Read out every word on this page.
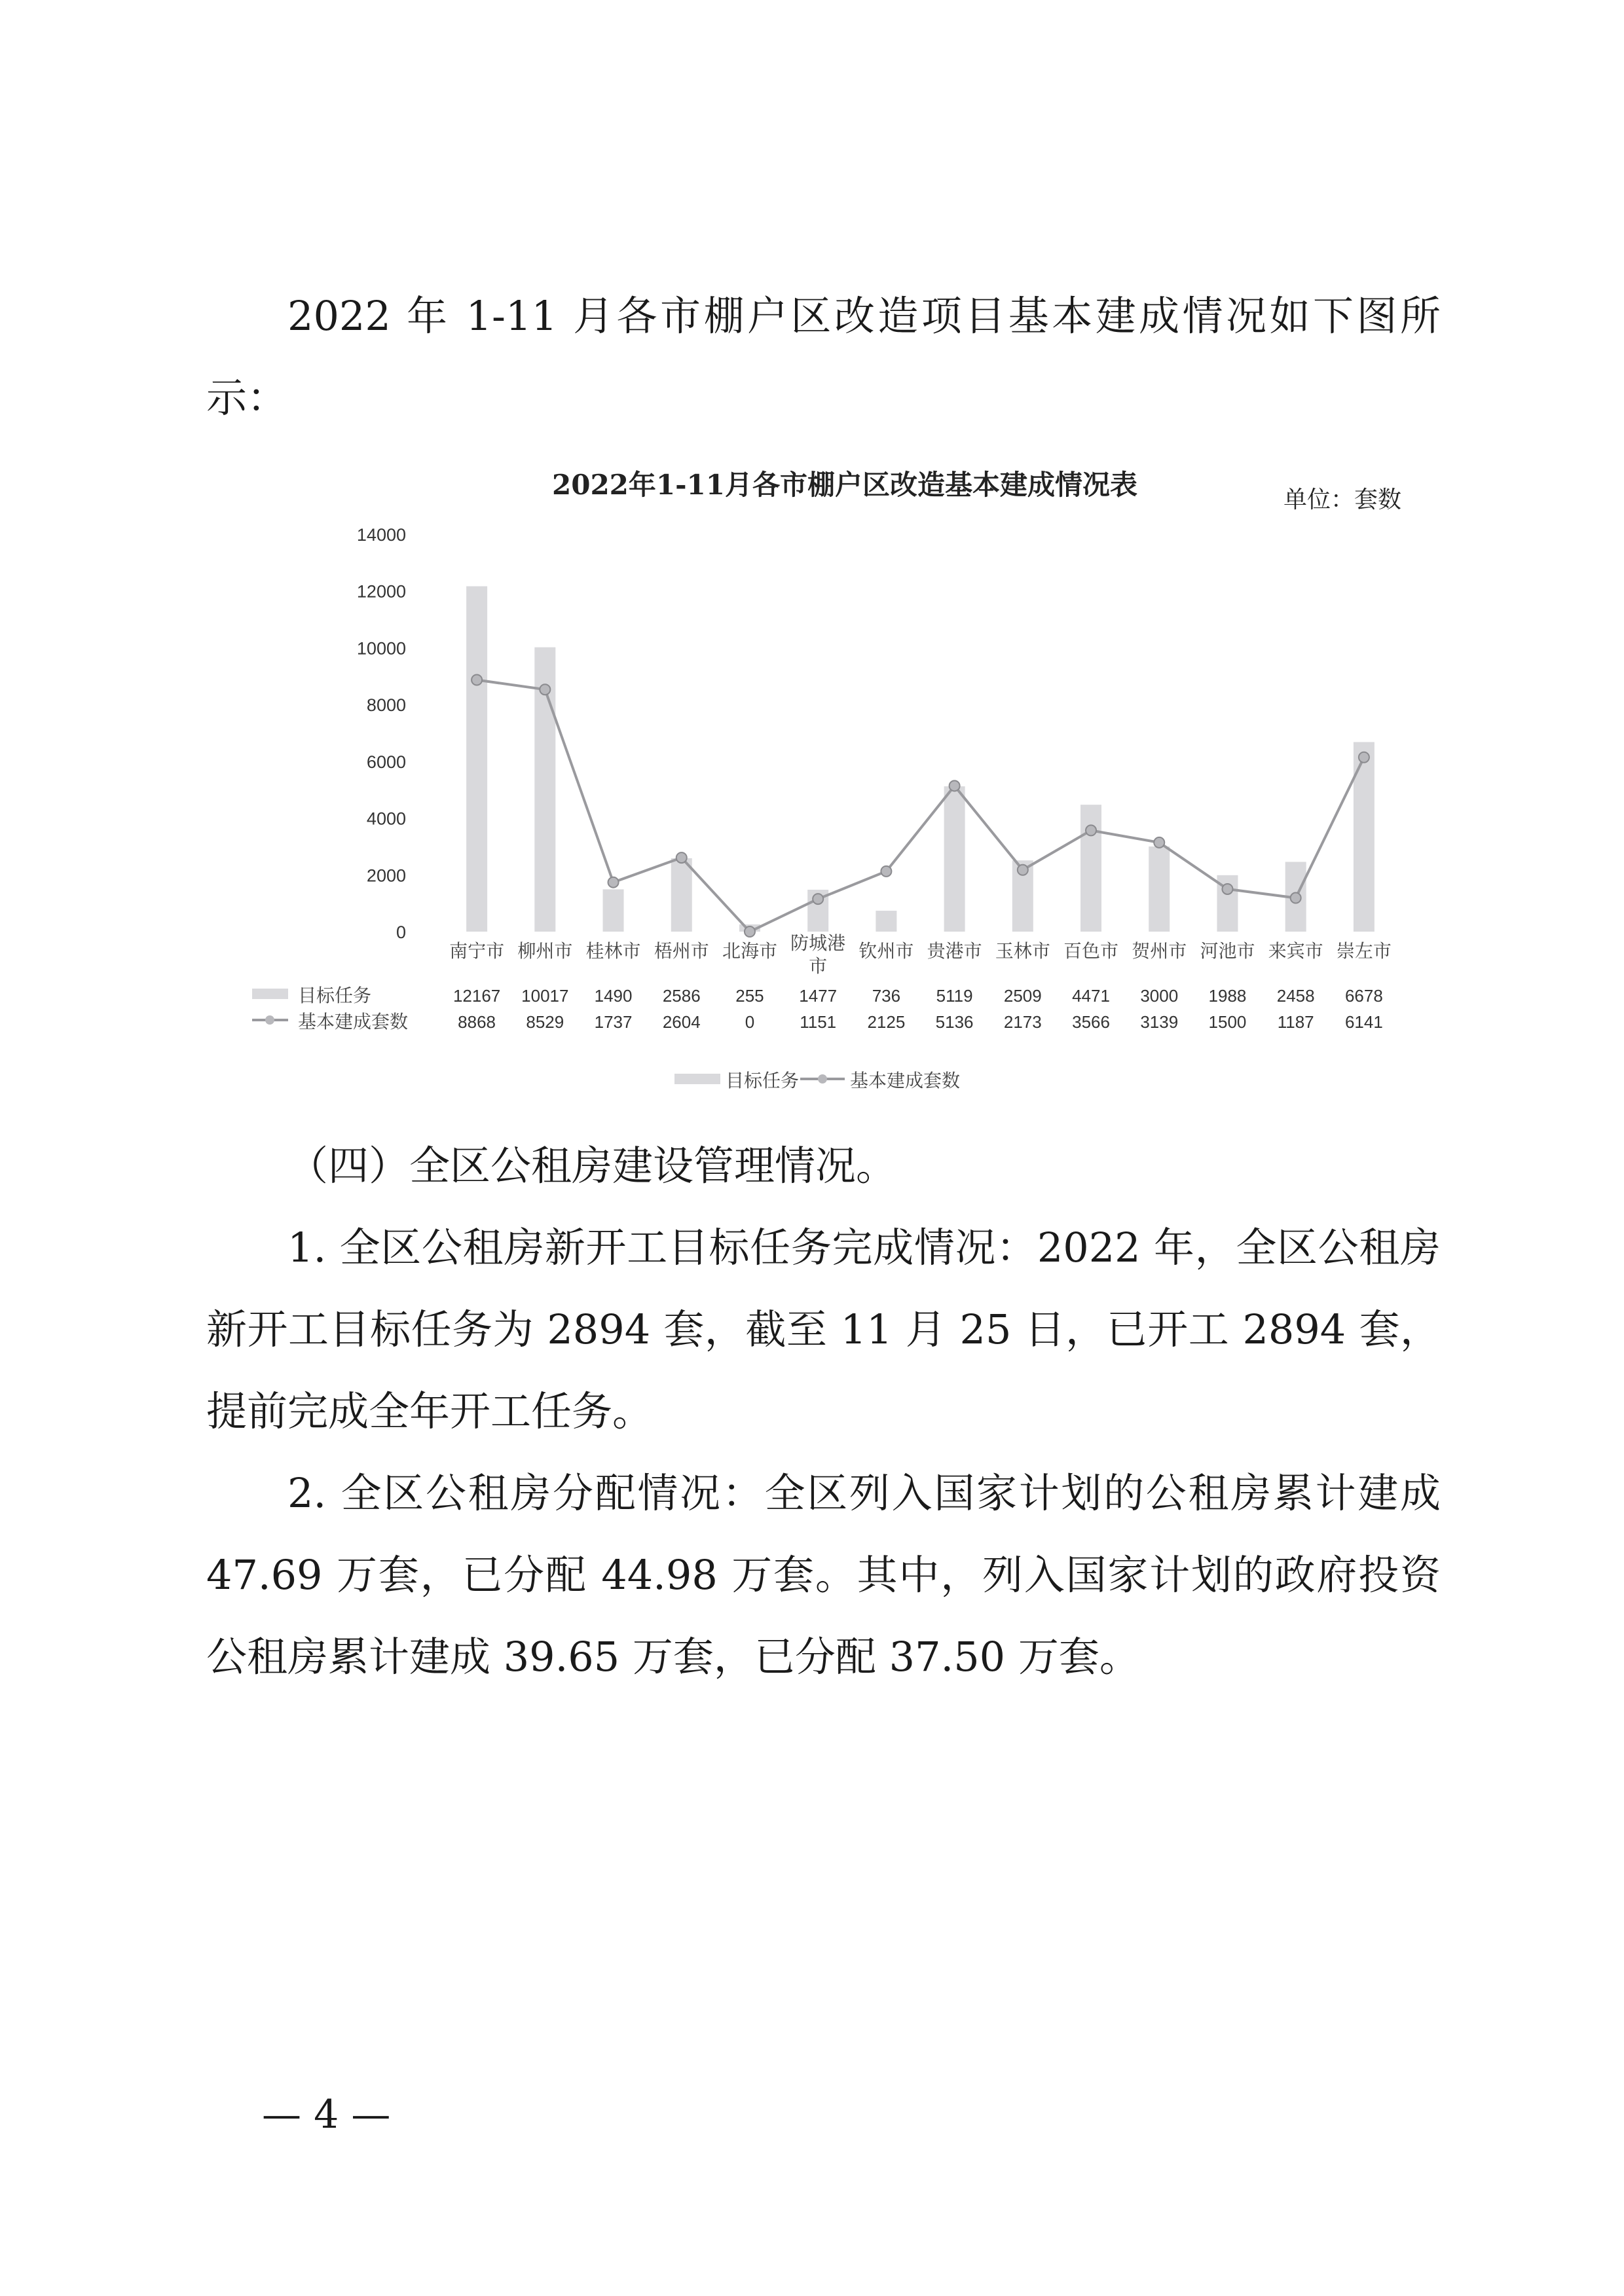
2022 年 1-11 月各市棚户区改造项目基本建成情况如下图所示：
2022年1-11月各市棚户区改造基本建成情况表	单位：套数
0
2000
4000
6000
8000
10000
12000
14000
南宁市 柳州市 桂林市 梧州市 北海市 防城港
市
钦州市 贵港市 玉林市 百色市 贺州市 河池市 来宾市 崇左市
目标任务	12167 10017 1490 2586 255 1477 736 5119 2509 4471 3000 1988 2458 6678
基本建成套数	8868 8529 1737 2604	0	1151 2125 5136 2173 3566 3139 1500 1187 6141
目标任务	基本建成套数
（四）全区公租房建设管理情况。
1. 全区公租房新开工目标任务完成情况：2022 年，全区公租房新开工目标任务为 2894 套，截至 11 月 25 日，已开工 2894 套，提前完成全年开工任务。
2. 全区公租房分配情况：全区列入国家计划的公租房累计建成 47.69 万套，已分配 44.98 万套。其中，列入国家计划的政府投资公租房累计建成 39.65 万套，已分配 37.50 万套。
— 4 —
